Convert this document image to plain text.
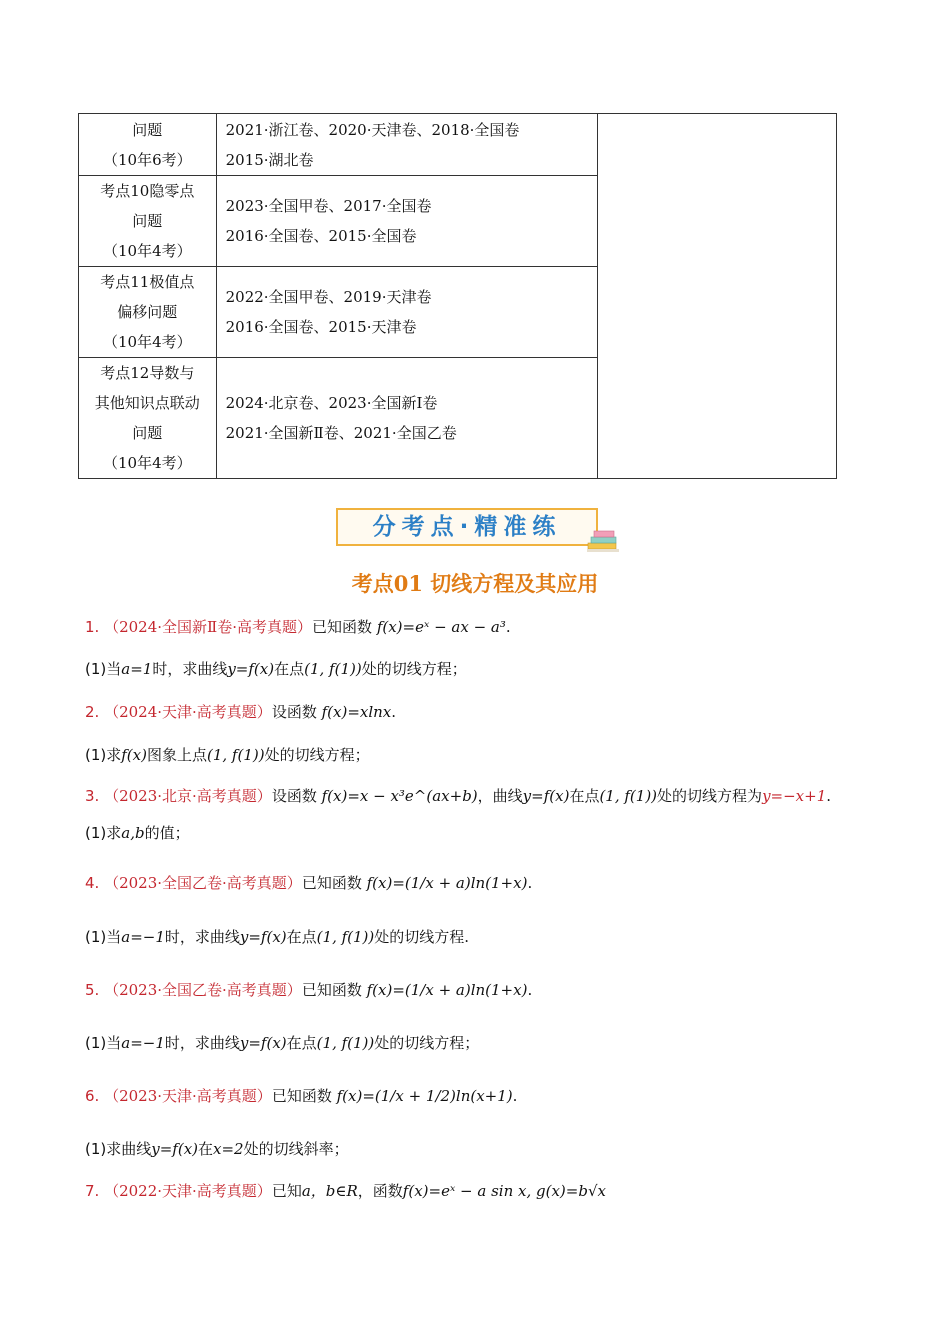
问题
（10年6考）	2021·浙江卷、2020·天津卷、2018·全国卷
2015·湖北卷	

考点10隐零点
问题
（10年4考）	2023·全国甲卷、2017·全国卷
2016·全国卷、2015·全国卷	

考点11极值点
偏移问题
（10年4考）	2022·全国甲卷、2019·天津卷
2016·全国卷、2015·天津卷	

考点12导数与
其他知识点联动
问题
（10年4考）	2024·北京卷、2023·全国新Ⅰ卷
2021·全国新Ⅱ卷、2021·全国乙卷	
分考点·精准练
考点01 切线方程及其应用
1. （2024·全国新Ⅱ卷·高考真题）已知函数 f(x)=eˣ − ax − a³.
(1)当a=1时，求曲线y=f(x)在点(1, f(1))处的切线方程；
2. （2024·天津·高考真题）设函数 f(x)=xlnx.
(1)求f(x)图象上点(1, f(1))处的切线方程；
3. （2023·北京·高考真题）设函数 f(x)=x − x³e^(ax+b)，曲线y=f(x)在点(1, f(1))处的切线方程为y=−x+1.
(1)求a,b的值；
4. （2023·全国乙卷·高考真题）已知函数 f(x)=(1/x + a)ln(1+x).
(1)当a=−1时，求曲线y=f(x)在点(1, f(1))处的切线方程.
5. （2023·全国乙卷·高考真题）已知函数 f(x)=(1/x + a)ln(1+x).
(1)当a=−1时，求曲线y=f(x)在点(1, f(1))处的切线方程；
6. （2023·天津·高考真题）已知函数 f(x)=(1/x + 1/2)ln(x+1).
(1)求曲线y=f(x)在x=2处的切线斜率；
7. （2022·天津·高考真题）已知a，b∈R，函数f(x)=eˣ − a sin x, g(x)=b√x
